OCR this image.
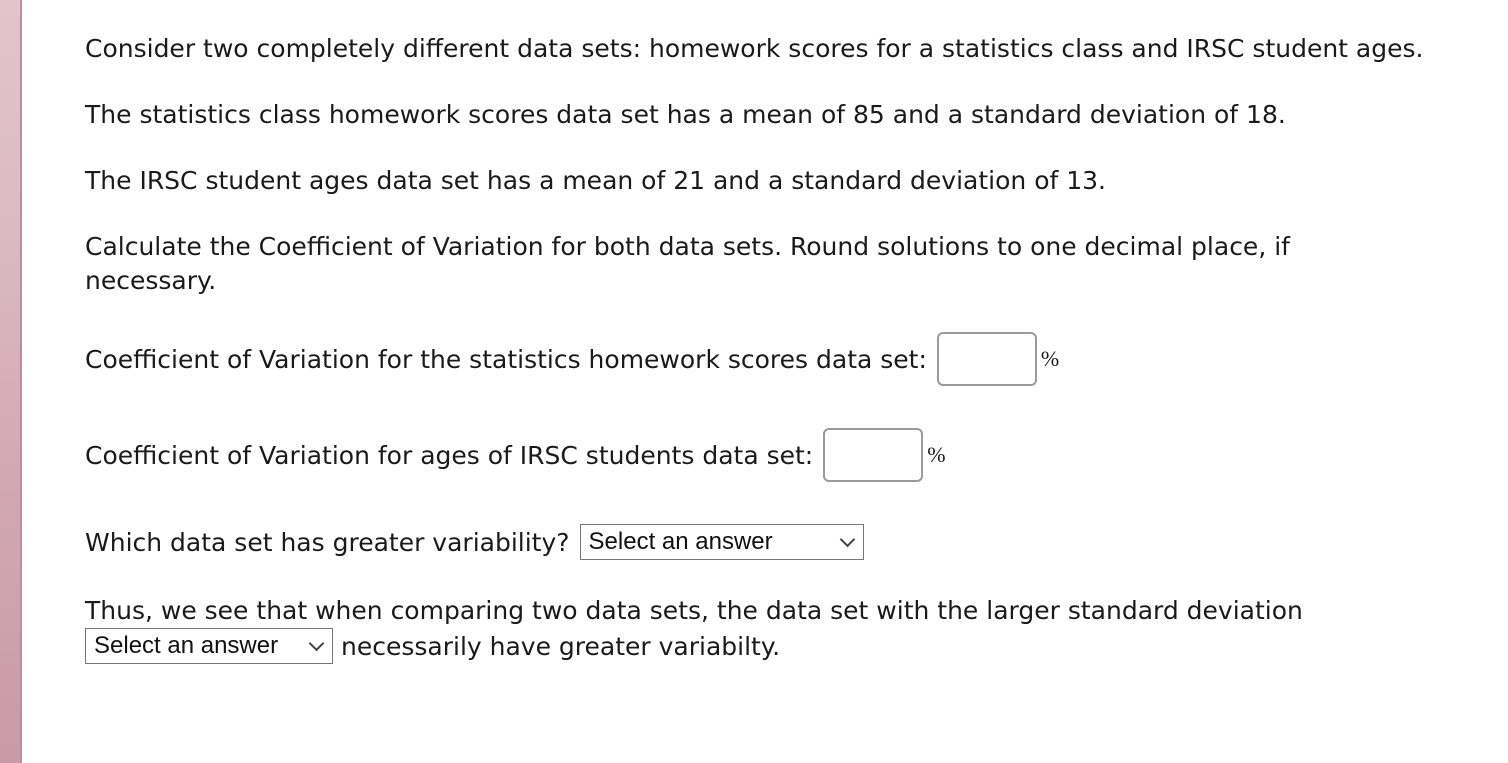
Consider two completely different data sets: homework scores for a statistics class and IRSC student ages.

The statistics class homework scores data set has a mean of 85 and a standard deviation of 18.

The IRSC student ages data set has a mean of 21 and a standard deviation of 13.

Calculate the Coefficient of Variation for both data sets. Round solutions to one decimal place, if necessary.

Coefficient of Variation for the statistics homework scores data set:	%
Coefficient of Variation for ages of IRSC students data set:	%
Which data set has greater variability? Select an answer
Thus, we see that when comparing two data sets, the data set with the larger standard deviation
Select an answer	necessarily have greater variabilty.
